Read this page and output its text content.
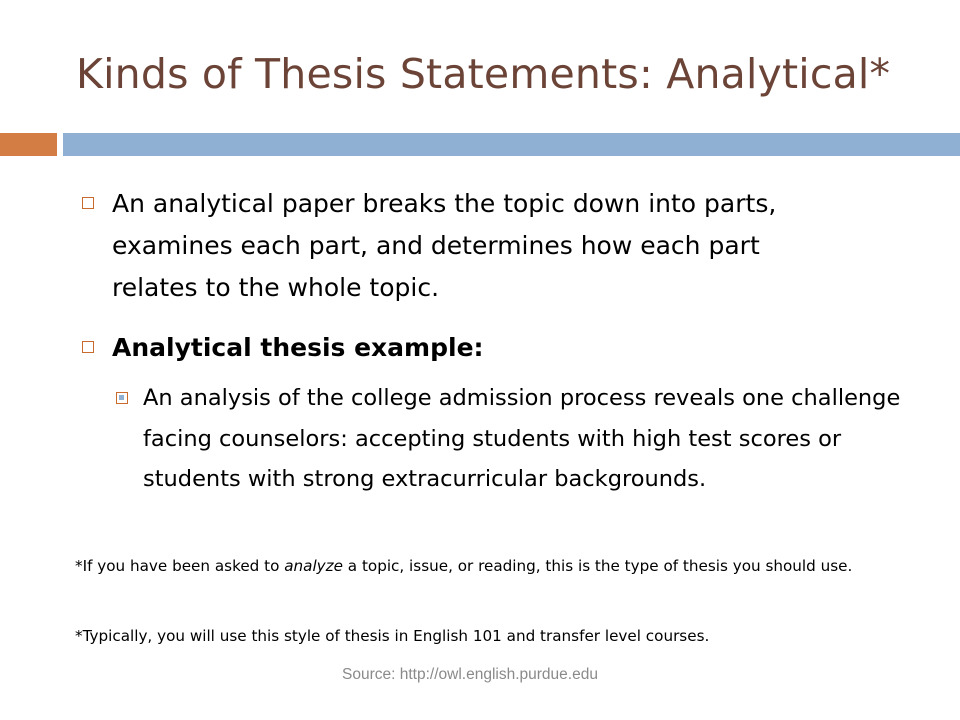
Kinds of Thesis Statements: Analytical*
An analytical paper breaks the topic down into parts, examines each part, and determines how each part relates to the whole topic.
Analytical thesis example:
An analysis of the college admission process reveals one challenge facing counselors: accepting students with high test scores or students with strong extracurricular backgrounds.
*If you have been asked to analyze a topic, issue, or reading, this is the type of thesis you should use.
*Typically, you will use this style of thesis in English 101 and transfer level courses.
Source: http://owl.english.purdue.edu
